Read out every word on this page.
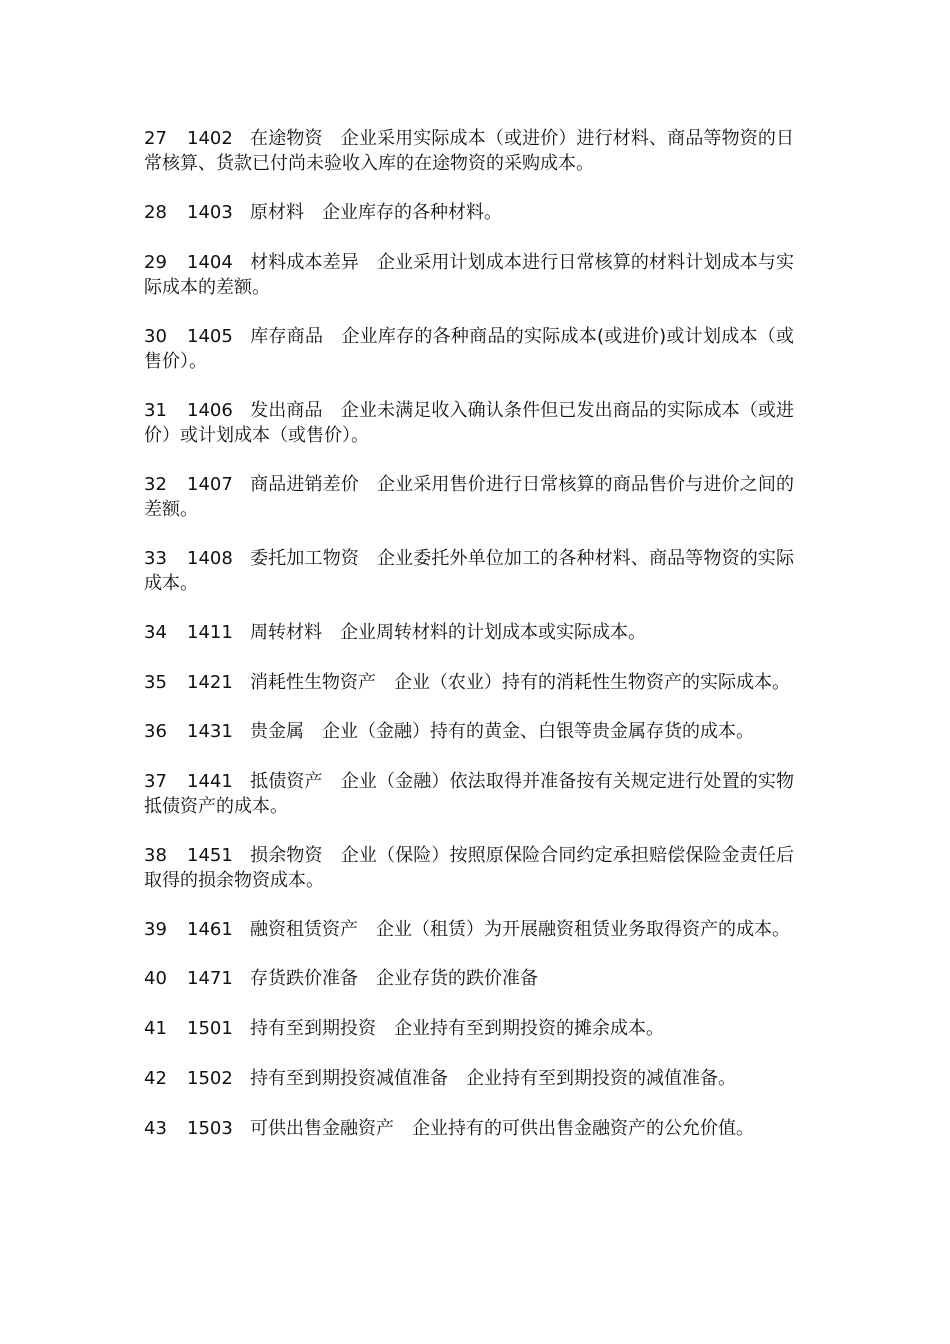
27 1402 在途物资 企业采用实际成本（或进价）进行材料、商品等物资的日常核算、货款已付尚未验收入库的在途物资的采购成本。

28 1403 原材料 企业库存的各种材料。

29 1404 材料成本差异 企业采用计划成本进行日常核算的材料计划成本与实际成本的差额。

30 1405 库存商品 企业库存的各种商品的实际成本(或进价)或计划成本（或售价）。

31 1406 发出商品 企业未满足收入确认条件但已发出商品的实际成本（或进价）或计划成本（或售价）。

32 1407 商品进销差价 企业采用售价进行日常核算的商品售价与进价之间的差额。

33 1408 委托加工物资 企业委托外单位加工的各种材料、商品等物资的实际成本。

34 1411 周转材料 企业周转材料的计划成本或实际成本。

35 1421 消耗性生物资产 企业（农业）持有的消耗性生物资产的实际成本。

36 1431 贵金属 企业（金融）持有的黄金、白银等贵金属存货的成本。

37 1441 抵债资产 企业（金融）依法取得并准备按有关规定进行处置的实物抵债资产的成本。

38 1451 损余物资 企业（保险）按照原保险合同约定承担赔偿保险金责任后取得的损余物资成本。

39 1461 融资租赁资产 企业（租赁）为开展融资租赁业务取得资产的成本。

40 1471 存货跌价准备 企业存货的跌价准备

41 1501 持有至到期投资 企业持有至到期投资的摊余成本。

42 1502 持有至到期投资减值准备 企业持有至到期投资的减值准备。

43 1503 可供出售金融资产 企业持有的可供出售金融资产的公允价值。
